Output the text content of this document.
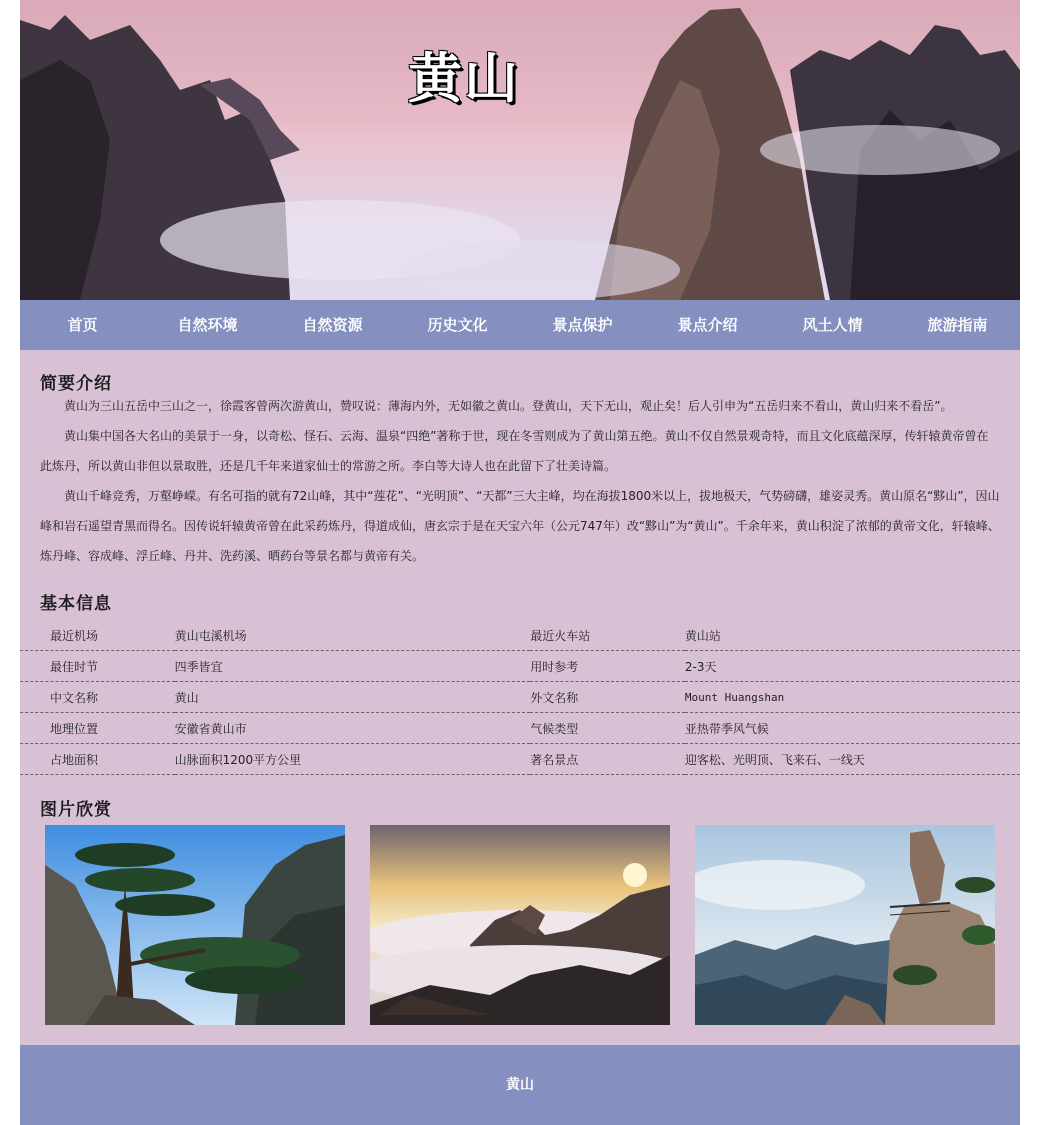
黄山
首页	自然环境	自然资源	历史文化	景点保护	景点介绍	风土人情	旅游指南
简要介绍

黄山为三山五岳中三山之一，徐霞客曾两次游黄山，赞叹说：薄海内外，无如徽之黄山。登黄山，天下无山，观止矣！后人引申为“五岳归来不看山，黄山归来不看岳”。

黄山集中国各大名山的美景于一身，以奇松、怪石、云海、温泉“四绝”著称于世，现在冬雪则成为了黄山第五绝。黄山不仅自然景观奇特，而且文化底蕴深厚，传轩辕黄帝曾在此炼丹，所以黄山非但以景取胜，还是几千年来道家仙士的常游之所。李白等大诗人也在此留下了壮美诗篇。

黄山千峰竞秀，万壑峥嵘。有名可指的就有72山峰，其中“莲花”、“光明顶”、“天都”三大主峰，均在海拔1800米以上，拔地极天，气势磅礴，雄姿灵秀。黄山原名“黟山”，因山峰和岩石遥望青黑而得名。因传说轩辕黄帝曾在此采药炼丹，得道成仙，唐玄宗于是在天宝六年（公元747年）改“黟山”为“黄山”。千余年来，黄山积淀了浓郁的黄帝文化，轩辕峰、炼丹峰、容成峰、浮丘峰、丹井、洗药溪、晒药台等景名都与黄帝有关。

基本信息
最近机场	黄山屯溪机场	最近火车站	黄山站
最佳时节	四季皆宜	用时参考	2-3天
中文名称	黄山	外文名称	Mount Huangshan
地理位置	安徽省黄山市	气候类型	亚热带季风气候
占地面积	山脉面积1200平方公里	著名景点	迎客松、光明顶、飞来石、一线天
图片欣赏
黄山
